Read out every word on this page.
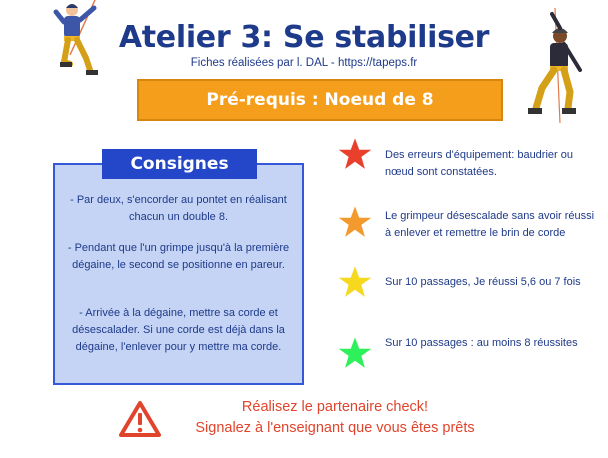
Atelier 3: Se stabiliser
Fiches réalisées par l. DAL - https://tapeps.fr
Pré-requis : Noeud de 8
Consignes
- Par deux, s'encorder au pontet en réalisant chacun un double 8.
- Pendant que l'un grimpe jusqu'à la première dégaine, le second se positionne en pareur.
- Arrivée à la dégaine, mettre sa corde et désescalader. Si une corde est déjà dans la dégaine, l'enlever pour y mettre ma corde.
Des erreurs d'équipement: baudrier ou nœud sont constatées.
Le grimpeur désescalade sans avoir réussi à enlever et remettre le brin de corde
Sur 10 passages, Je réussi 5,6 ou 7 fois
Sur 10 passages : au moins 8 réussites
Réalisez le partenaire check!
Signalez à l'enseignant que vous êtes prêts
